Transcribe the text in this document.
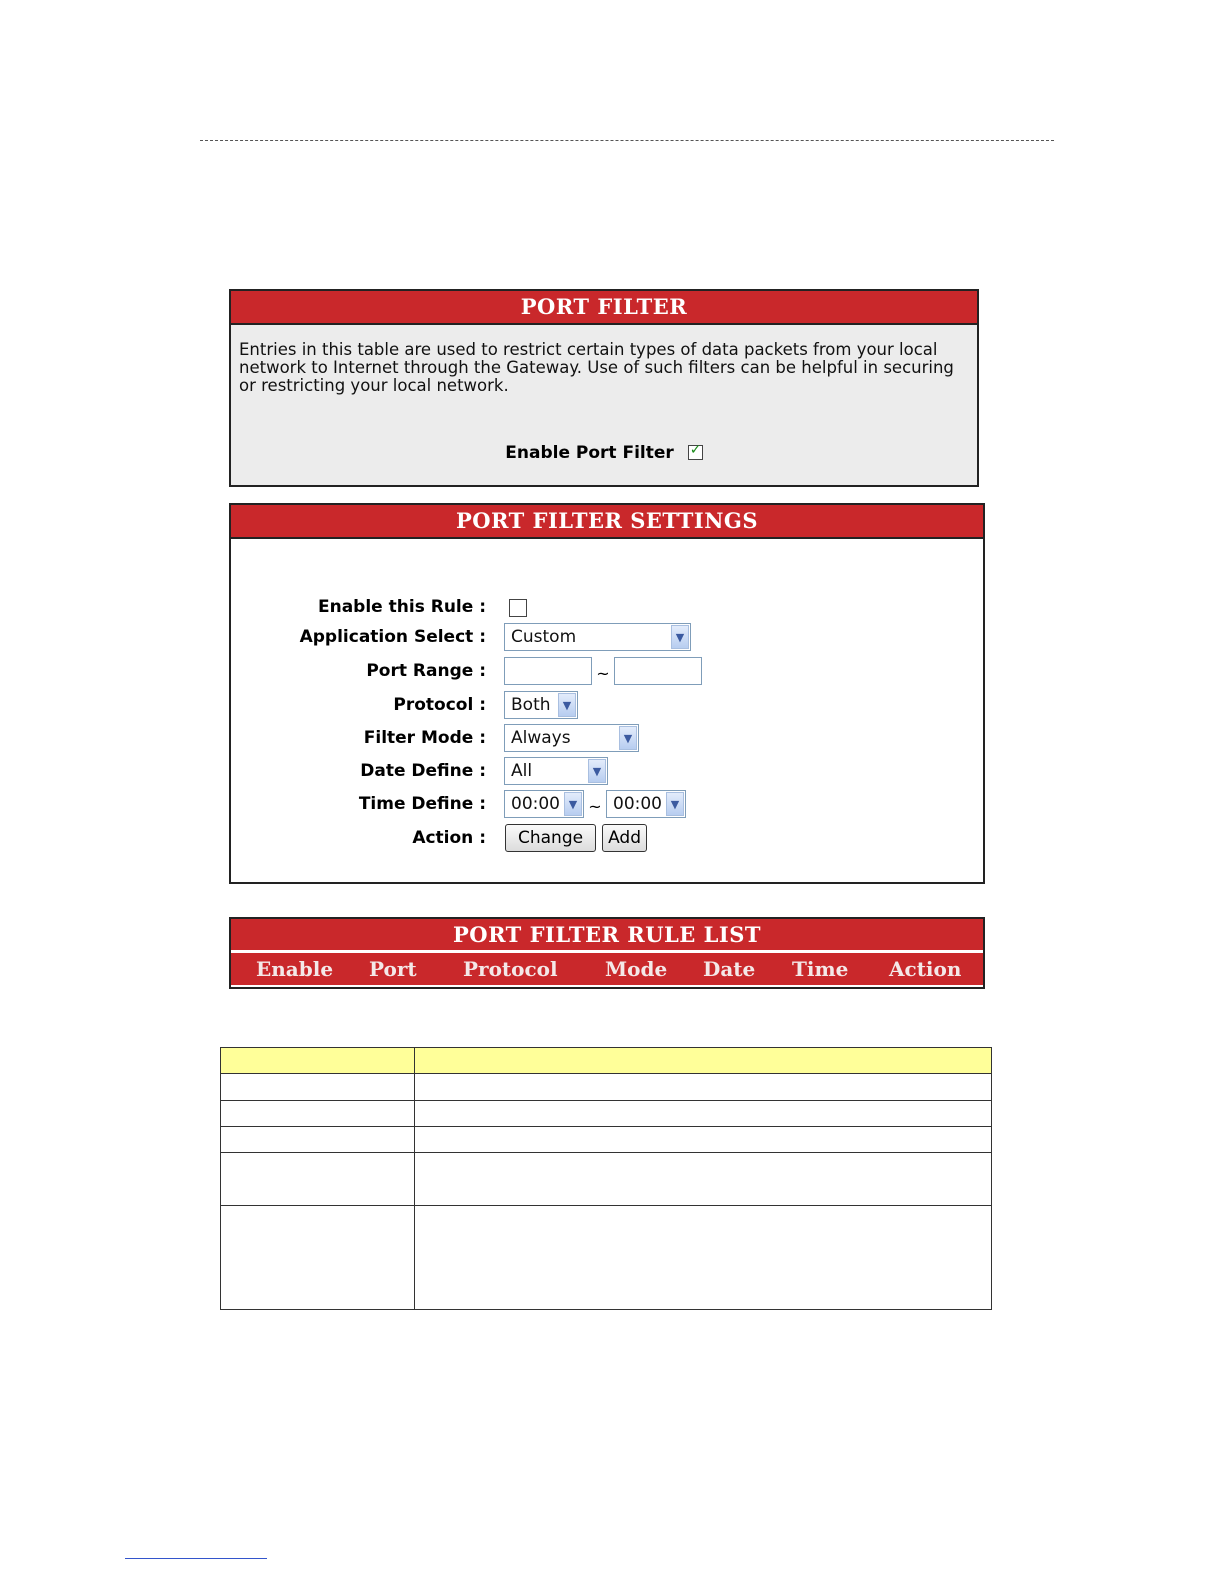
PORT FILTER
Entries in this table are used to restrict certain types of data packets from your local network to Internet through the Gateway. Use of such filters can be helpful in securing or restricting your local network.
Enable Port Filter ✓
PORT FILTER SETTINGS
Enable this Rule :
Application Select :	Custom	▼
Port Range :	~
Protocol :	Both	▼
Filter Mode :	Always	▼
Date Define :	All	▼
Time Define :	00:00 ▼ ~ 00:00 ▼
Action :	Change Add
PORT FILTER RULE LIST
Enable Port Protocol Mode Date Time Action
